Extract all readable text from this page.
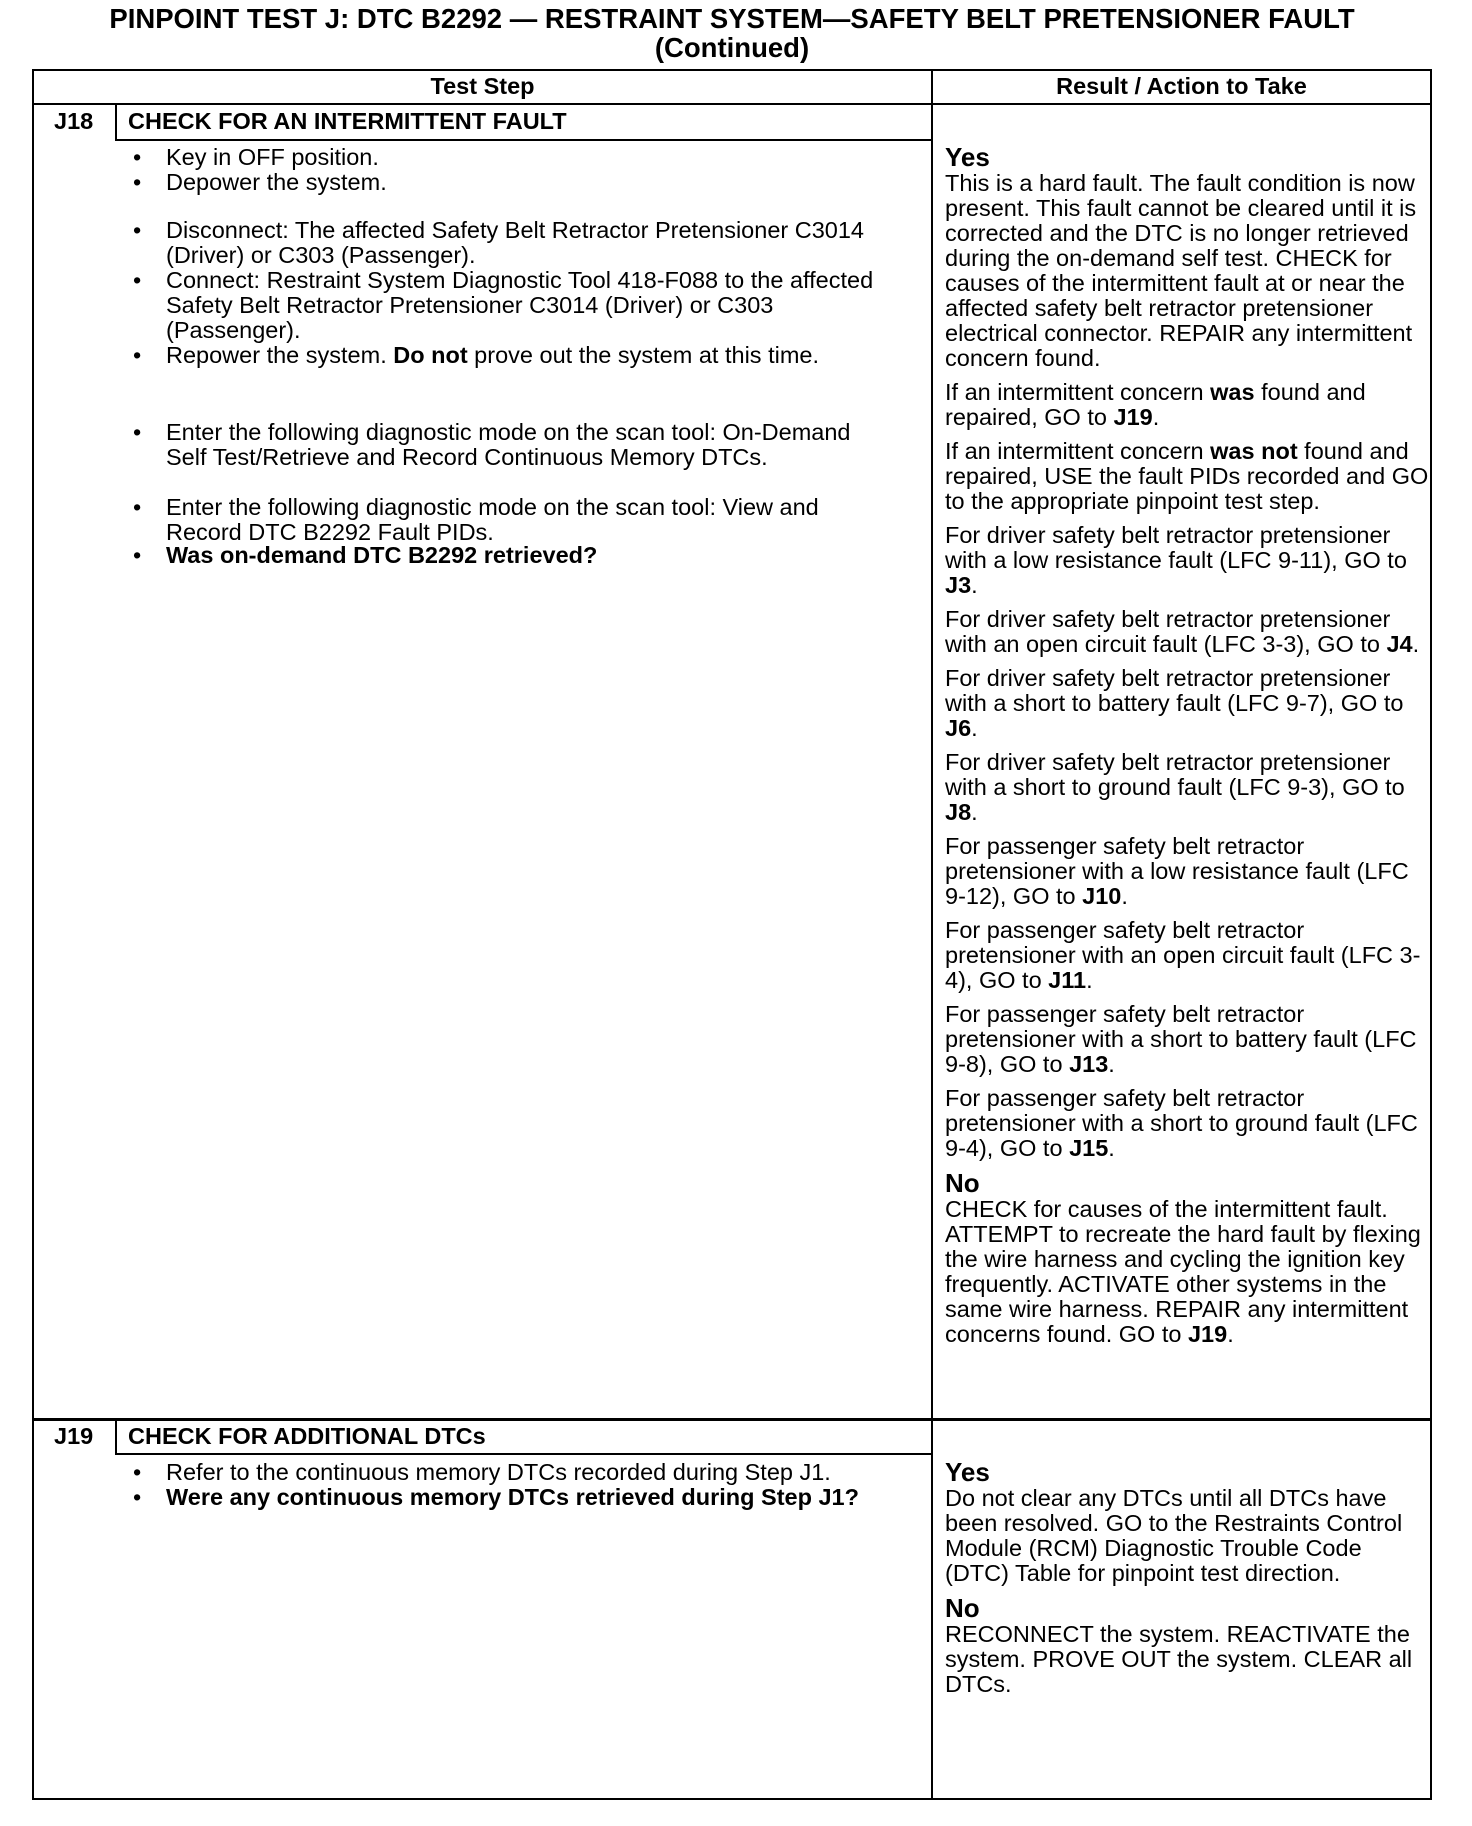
PINPOINT TEST J: DTC B2292 — RESTRAINT SYSTEM—SAFETY BELT PRETENSIONER FAULT
(Continued)
Test Step	Result / Action to Take
J18 CHECK FOR AN INTERMITTENT FAULT
• Key in OFF position.
• Depower the system.
• Disconnect: The affected Safety Belt Retractor Pretensioner C3014 (Driver) or C303 (Passenger).
• Connect: Restraint System Diagnostic Tool 418-F088 to the affected Safety Belt Retractor Pretensioner C3014 (Driver) or C303 (Passenger).
• Repower the system. Do not prove out the system at this time.
• Enter the following diagnostic mode on the scan tool: On-Demand Self Test/Retrieve and Record Continuous Memory DTCs.
• Enter the following diagnostic mode on the scan tool: View and Record DTC B2292 Fault PIDs.
• Was on-demand DTC B2292 retrieved?
Yes

This is a hard fault. The fault condition is now present. This fault cannot be cleared until it is corrected and the DTC is no longer retrieved during the on-demand self test. CHECK for causes of the intermittent fault at or near the affected safety belt retractor pretensioner electrical connector. REPAIR any intermittent concern found.

If an intermittent concern was found and repaired, GO to J19.

If an intermittent concern was not found and repaired, USE the fault PIDs recorded and GO to the appropriate pinpoint test step.

For driver safety belt retractor pretensioner with a low resistance fault (LFC 9-11), GO to J3.

For driver safety belt retractor pretensioner with an open circuit fault (LFC 3-3), GO to J4.

For driver safety belt retractor pretensioner with a short to battery fault (LFC 9-7), GO to J6.

For driver safety belt retractor pretensioner with a short to ground fault (LFC 9-3), GO to J8.

For passenger safety belt retractor pretensioner with a low resistance fault (LFC 9-12), GO to J10.

For passenger safety belt retractor pretensioner with an open circuit fault (LFC 3-4), GO to J11.

For passenger safety belt retractor pretensioner with a short to battery fault (LFC 9-8), GO to J13.

For passenger safety belt retractor pretensioner with a short to ground fault (LFC 9-4), GO to J15.

No

CHECK for causes of the intermittent fault. ATTEMPT to recreate the hard fault by flexing the wire harness and cycling the ignition key frequently. ACTIVATE other systems in the same wire harness. REPAIR any intermittent concerns found. GO to J19.

J19 CHECK FOR ADDITIONAL DTCs
• Refer to the continuous memory DTCs recorded during Step J1.
• Were any continuous memory DTCs retrieved during Step J1?
Yes

Do not clear any DTCs until all DTCs have been resolved. GO to the Restraints Control Module (RCM) Diagnostic Trouble Code (DTC) Table for pinpoint test direction.

No

RECONNECT the system. REACTIVATE the system. PROVE OUT the system. CLEAR all DTCs.
